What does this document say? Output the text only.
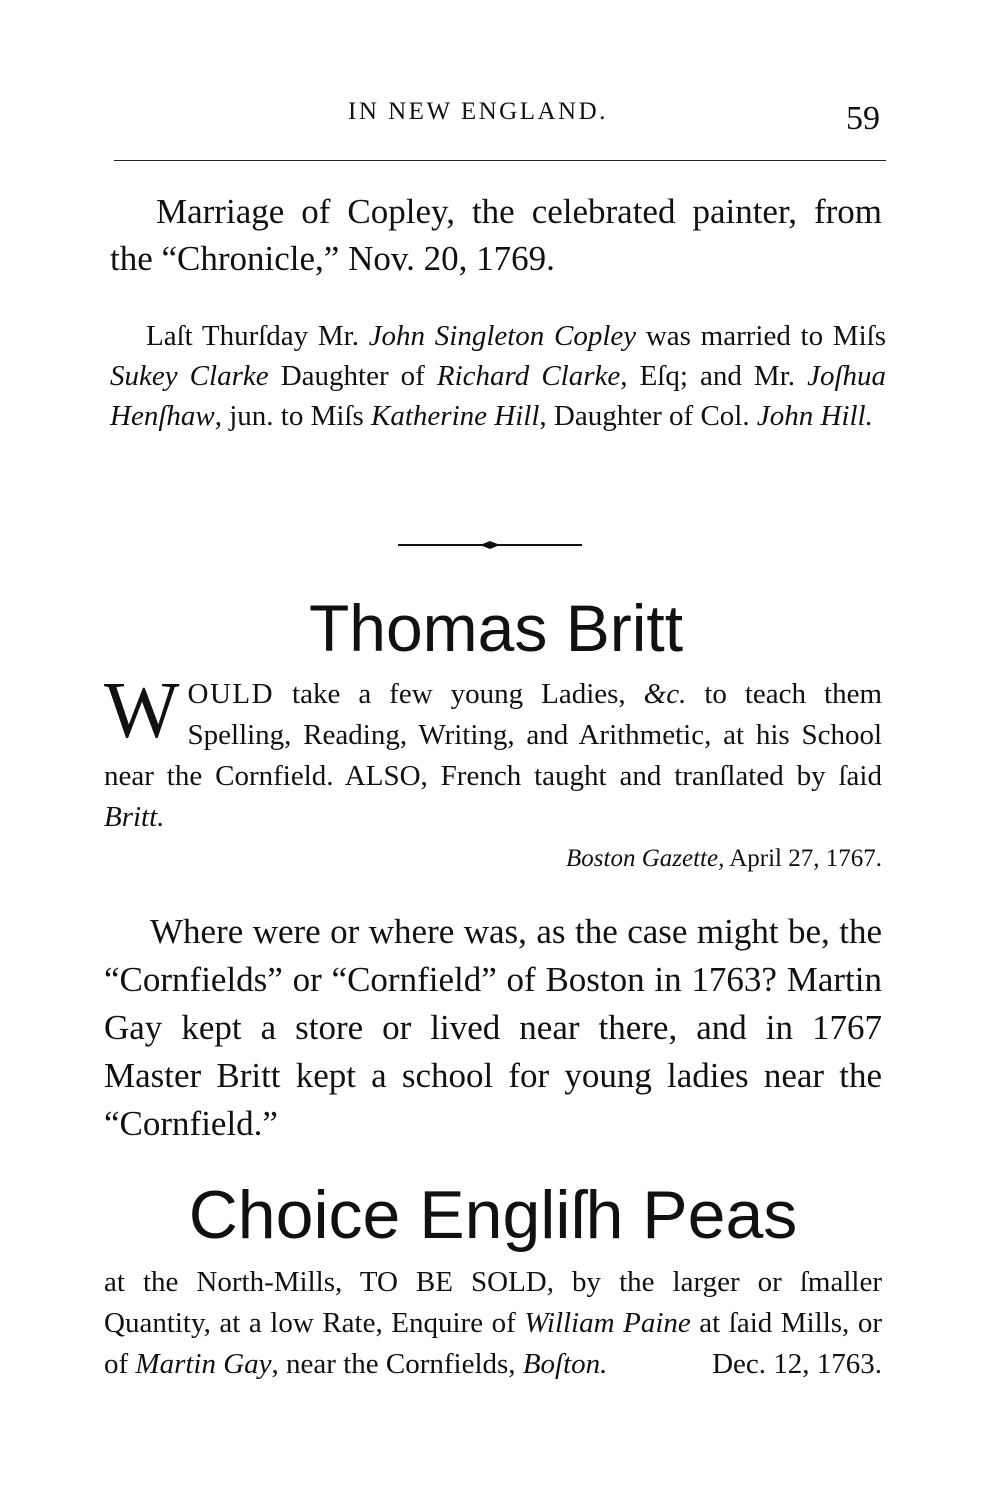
IN NEW ENGLAND.	59

Marriage of Copley, the celebrated painter, from the “Chronicle,” Nov. 20, 1769.

Laſt Thurſday Mr. John Singleton Copley was married to Miſs Sukey Clarke Daughter of Richard Clarke, Eſq; and Mr. Joſhua Henſhaw, jun. to Miſs Katherine Hill, Daughter of Col. John Hill.

Thomas Britt

WOULD take a few young Ladies, &c. to teach them Spelling, Reading, Writing, and Arithmetic, at his School near the Cornfield. ALSO, French taught and tranſlated by ſaid Britt.

Boston Gazette, April 27, 1767.

Where were or where was, as the case might be, the “Cornfields” or “Cornfield” of Boston in 1763? Martin Gay kept a store or lived near there, and in 1767 Master Britt kept a school for young ladies near the “Cornfield.”

Choice Engliſh Peas

at the North-Mills, TO BE SOLD, by the larger or ſmaller Quantity, at a low Rate, Enquire of William Paine at ſaid Mills, or of Martin Gay, near the Cornfields, Boſton.	Dec. 12, 1763.
